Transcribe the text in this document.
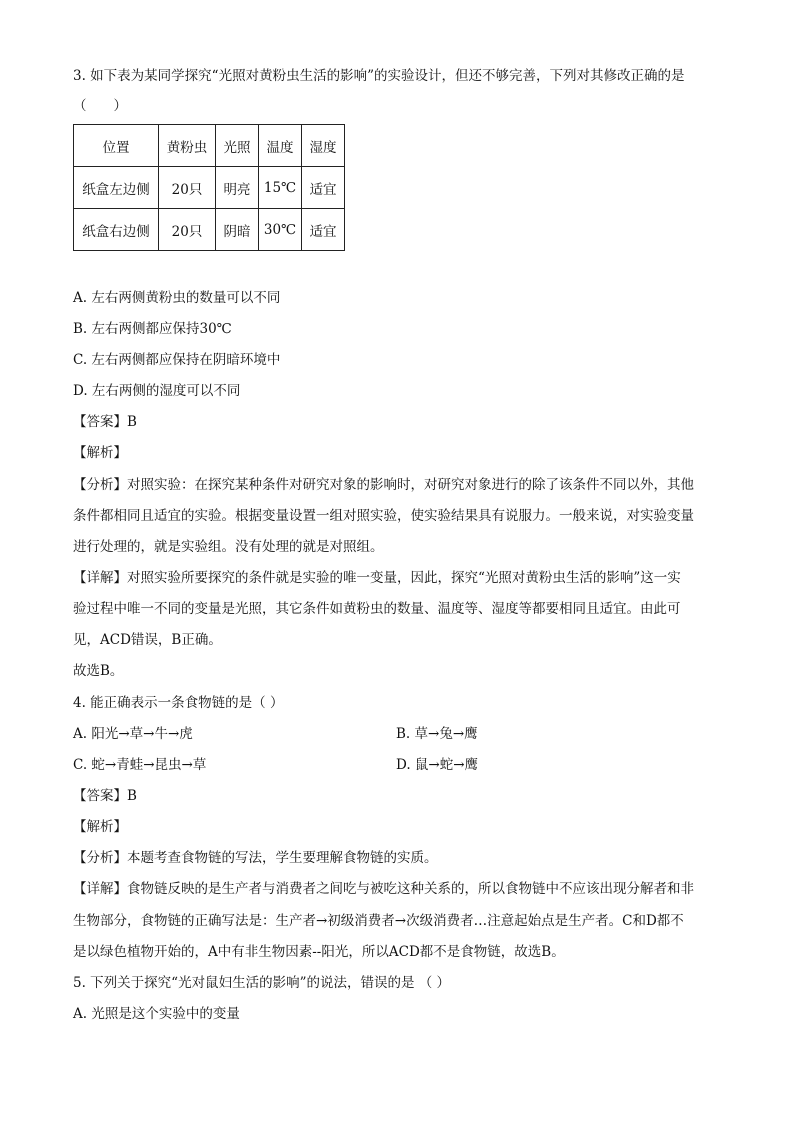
3. 如下表为某同学探究“光照对黄粉虫生活的影响”的实验设计，但还不够完善，下列对其修改正确的是
（　　）
位置	黄粉虫	光照	温度	湿度
纸盒左边侧	20只	明亮	15℃	适宜
纸盒右边侧	20只	阴暗	30℃	适宜
A. 左右两侧黄粉虫的数量可以不同
B. 左右两侧都应保持30℃
C. 左右两侧都应保持在阴暗环境中
D. 左右两侧的湿度可以不同
【答案】B
【解析】
【分析】对照实验：在探究某种条件对研究对象的影响时，对研究对象进行的除了该条件不同以外，其他
条件都相同且适宜的实验。根据变量设置一组对照实验，使实验结果具有说服力。一般来说，对实验变量
进行处理的，就是实验组。没有处理的就是对照组。
【详解】对照实验所要探究的条件就是实验的唯一变量，因此，探究“光照对黄粉虫生活的影响”这一实
验过程中唯一不同的变量是光照，其它条件如黄粉虫的数量、温度等、湿度等都要相同且适宜。由此可
见，ACD错误，B正确。
故选B。
4. 能正确表示一条食物链的是（ ）
A. 阳光→草→牛→虎	B. 草→兔→鹰
C. 蛇→青蛙→昆虫→草	D. 鼠→蛇→鹰
【答案】B
【解析】
【分析】本题考查食物链的写法，学生要理解食物链的实质。
【详解】食物链反映的是生产者与消费者之间吃与被吃这种关系的，所以食物链中不应该出现分解者和非
生物部分，食物链的正确写法是：生产者→初级消费者→次级消费者…注意起始点是生产者。C和D都不
是以绿色植物开始的，A中有非生物因素--阳光，所以ACD都不是食物链，故选B。
5. 下列关于探究“光对鼠妇生活的影响”的说法，错误的是 （ ）
A. 光照是这个实验中的变量
